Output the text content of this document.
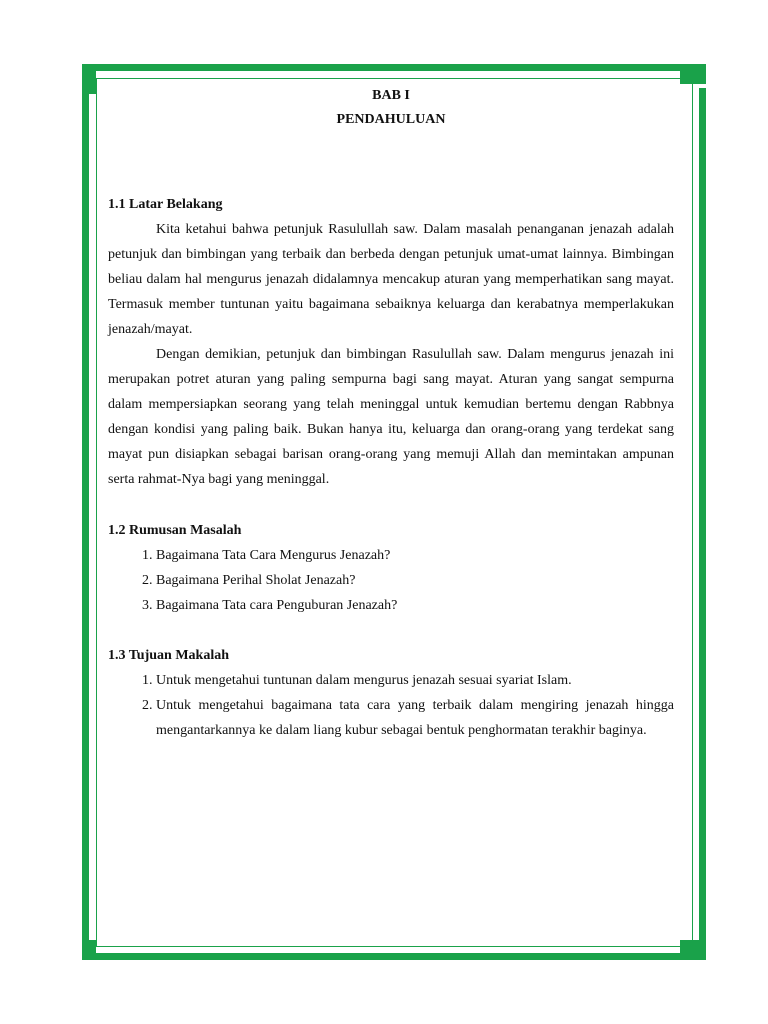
BAB I

PENDAHULUAN

1.1 Latar Belakang

Kita ketahui bahwa petunjuk Rasulullah saw. Dalam masalah penanganan jenazah adalah petunjuk dan bimbingan yang terbaik dan berbeda dengan petunjuk umat-umat lainnya. Bimbingan beliau dalam hal mengurus jenazah didalamnya mencakup aturan yang memperhatikan sang mayat. Termasuk member tuntunan yaitu bagaimana sebaiknya keluarga dan kerabatnya memperlakukan jenazah/mayat.

Dengan demikian, petunjuk dan bimbingan Rasulullah saw. Dalam mengurus jenazah ini merupakan potret aturan yang paling sempurna bagi sang mayat. Aturan yang sangat sempurna dalam mempersiapkan seorang yang telah meninggal untuk kemudian bertemu dengan Rabbnya dengan kondisi yang paling baik. Bukan hanya itu, keluarga dan orang-orang yang terdekat sang mayat pun disiapkan sebagai barisan orang-orang yang memuji Allah dan memintakan ampunan serta rahmat-Nya bagi yang meninggal.

1.2 Rumusan Masalah

1. Bagaimana Tata Cara Mengurus Jenazah?
2. Bagaimana Perihal Sholat Jenazah?
3. Bagaimana Tata cara Penguburan Jenazah?

1.3 Tujuan Makalah

1. Untuk mengetahui tuntunan dalam mengurus jenazah sesuai syariat Islam.
2. Untuk mengetahui bagaimana tata cara yang terbaik dalam mengiring jenazah hingga mengantarkannya ke dalam liang kubur sebagai bentuk penghormatan terakhir baginya.
